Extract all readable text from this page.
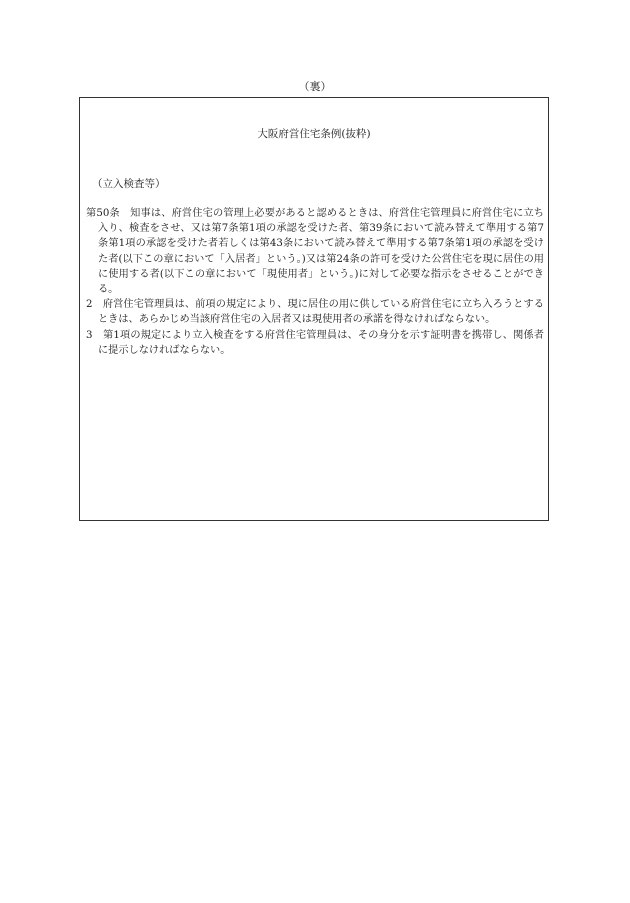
（裏）
大阪府営住宅条例(抜粋)
（立入検査等）

第50条　知事は、府営住宅の管理上必要があると認めるときは、府営住宅管理員に府営住宅に立ち入り、検査をさせ、又は第7条第1項の承認を受けた者、第39条において読み替えて準用する第7条第1項の承認を受けた者若しくは第43条において読み替えて準用する第7条第1項の承認を受けた者(以下この章において「入居者」という。)又は第24条の許可を受けた公営住宅を現に居住の用に使用する者(以下この章において「現使用者」という。)に対して必要な指示をさせることができる。

2　府営住宅管理員は、前項の規定により、現に居住の用に供している府営住宅に立ち入ろうとするときは、あらかじめ当該府営住宅の入居者又は現使用者の承諾を得なければならない。

3　第1項の規定により立入検査をする府営住宅管理員は、その身分を示す証明書を携帯し、関係者に提示しなければならない。
